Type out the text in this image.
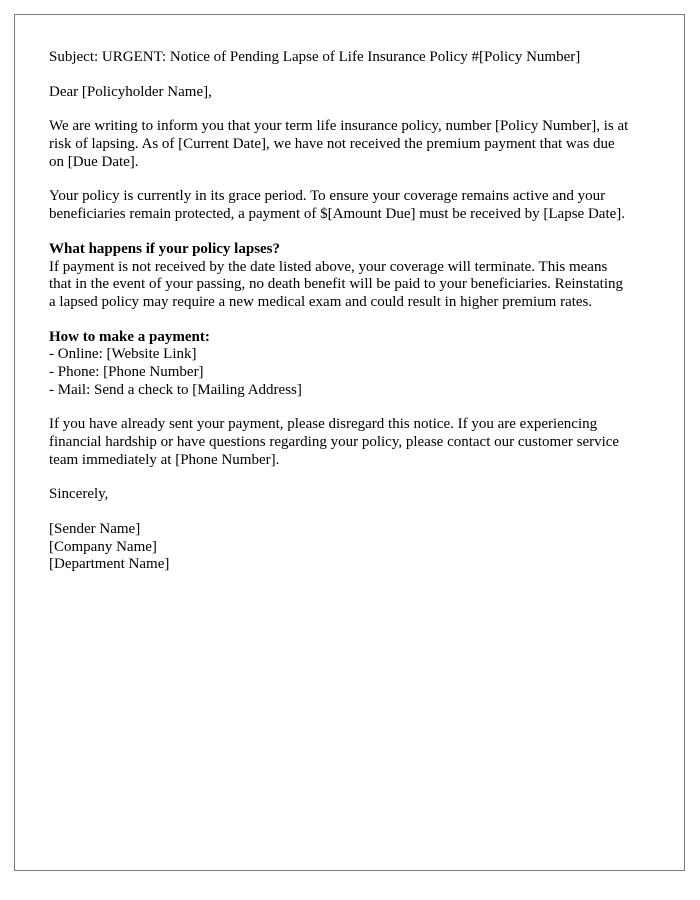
Subject: URGENT: Notice of Pending Lapse of Life Insurance Policy #[Policy Number]

Dear [Policyholder Name],

We are writing to inform you that your term life insurance policy, number [Policy Number], is at risk of lapsing. As of [Current Date], we have not received the premium payment that was due on [Due Date].

Your policy is currently in its grace period. To ensure your coverage remains active and your beneficiaries remain protected, a payment of $[Amount Due] must be received by [Lapse Date].

What happens if your policy lapses?
If payment is not received by the date listed above, your coverage will terminate. This means that in the event of your passing, no death benefit will be paid to your beneficiaries. Reinstating a lapsed policy may require a new medical exam and could result in higher premium rates.
How to make a payment:
- Online: [Website Link]
- Phone: [Phone Number]
- Mail: Send a check to [Mailing Address]

If you have already sent your payment, please disregard this notice. If you are experiencing financial hardship or have questions regarding your policy, please contact our customer service team immediately at [Phone Number].

Sincerely,

[Sender Name]

[Company Name]

[Department Name]
